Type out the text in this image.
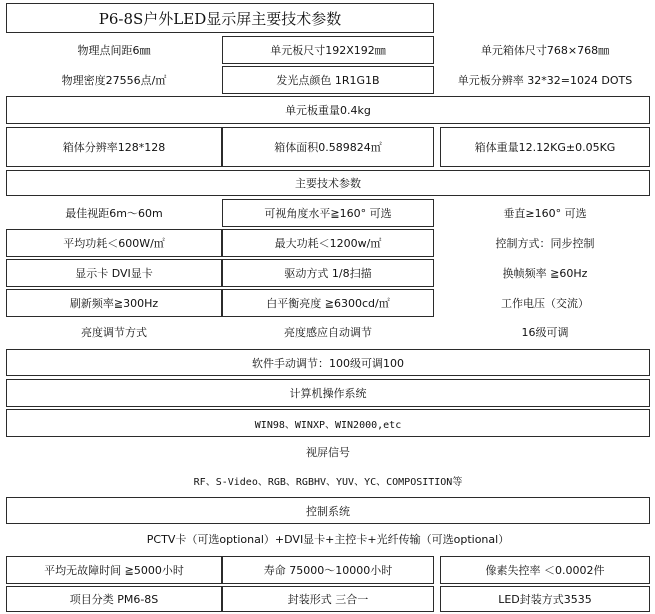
P6-8S户外LED显示屏主要技术参数
物理点间距6㎜	单元板尺寸192X192㎜	单元箱体尺寸768×768㎜
物理密度27556点/㎡	发光点颜色 1R1G1B	单元板分辨率 32*32=1024 DOTS
单元板重量0.4kg
箱体分辨率128*128	箱体面积0.589824㎡	箱体重量12.12KG±0.05KG
主要技术参数
最佳视距6m～60m	可视角度水平≧160° 可选	垂直≥160° 可选
平均功耗＜600W/㎡	最大功耗＜1200w/㎡	控制方式：同步控制
显示卡 DVI显卡	驱动方式 1/8扫描	换帧频率 ≧60Hz
刷新频率≧300Hz	白平衡亮度 ≧6300cd/㎡	工作电压（交流）
亮度调节方式	亮度感应自动调节	16级可调
软件手动调节：100级可调100
计算机操作系统
WIN98、WINXP、WIN2000,etc
视屏信号
RF、S-Video、RGB、RGBHV、YUV、YC、COMPOSITION等
控制系统
PCTV卡（可选optional）+DVI显卡+主控卡+光纤传输（可选optional）
平均无故障时间 ≧5000小时	寿命 75000～10000小时	像素失控率 ＜0.0002件
项目分类 PM6-8S	封装形式 三合一	LED封装方式3535
